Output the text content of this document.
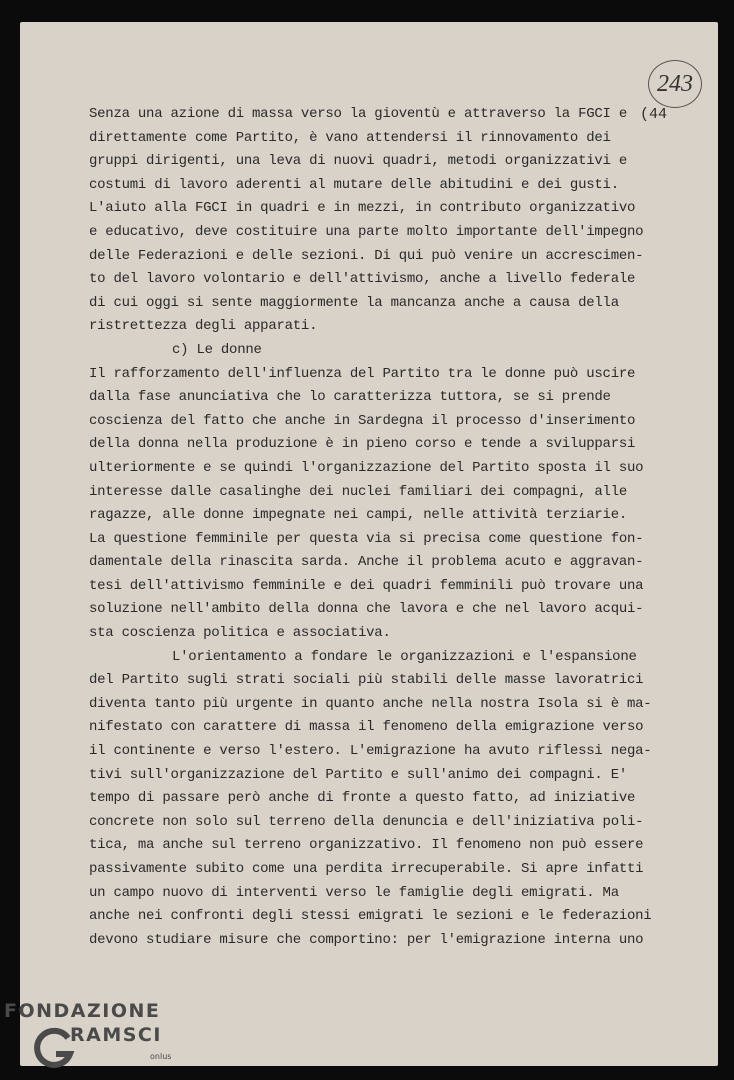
243
(44
Senza una azione di massa verso la gioventù e attraverso la FGCI e
direttamente come Partito, è vano attendersi il rinnovamento dei
gruppi dirigenti, una leva di nuovi quadri, metodi organizzativi e
costumi di lavoro aderenti al mutare delle abitudini e dei gusti.
L'aiuto alla FGCI in quadri e in mezzi, in contributo organizzativo
e educativo, deve costituire una parte molto importante dell'impegno
delle Federazioni e delle sezioni. Di qui può venire un accrescimen-
to del lavoro volontario e dell'attivismo, anche a livello federale
di cui oggi si sente maggiormente la mancanza anche a causa della
ristrettezza degli apparati.
c) Le donne
Il rafforzamento dell'influenza del Partito tra le donne può uscire
dalla fase anunciativa che lo caratterizza tuttora, se si prende
coscienza del fatto che anche in Sardegna il processo d'inserimento
della donna nella produzione è in pieno corso e tende a svilupparsi
ulteriormente e se quindi l'organizzazione del Partito sposta il suo
interesse dalle casalinghe dei nuclei familiari dei compagni, alle
ragazze, alle donne impegnate nei campi, nelle attività terziarie.
La questione femminile per questa via si precisa come questione fon-
damentale della rinascita sarda. Anche il problema acuto e aggravan-
tesi dell'attivismo femminile e dei quadri femminili può trovare una
soluzione nell'ambito della donna che lavora e che nel lavoro acqui-
sta coscienza politica e associativa.
L'orientamento a fondare le organizzazioni e l'espansione
del Partito sugli strati sociali più stabili delle masse lavoratrici
diventa tanto più urgente in quanto anche nella nostra Isola si è ma-
nifestato con carattere di massa il fenomeno della emigrazione verso
il continente e verso l'estero. L'emigrazione ha avuto riflessi nega-
tivi sull'organizzazione del Partito e sull'animo dei compagni. E'
tempo di passare però anche di fronte a questo fatto, ad iniziative
concrete non solo sul terreno della denuncia e dell'iniziativa poli-
tica, ma anche sul terreno organizzativo. Il fenomeno non può essere
passivamente subito come una perdita irrecuperabile. Si apre infatti
un campo nuovo di interventi verso le famiglie degli emigrati. Ma
anche nei confronti degli stessi emigrati le sezioni e le federazioni
devono studiare misure che comportino: per l'emigrazione interna uno
FONDAZIONE
RAMSCI
onlus
